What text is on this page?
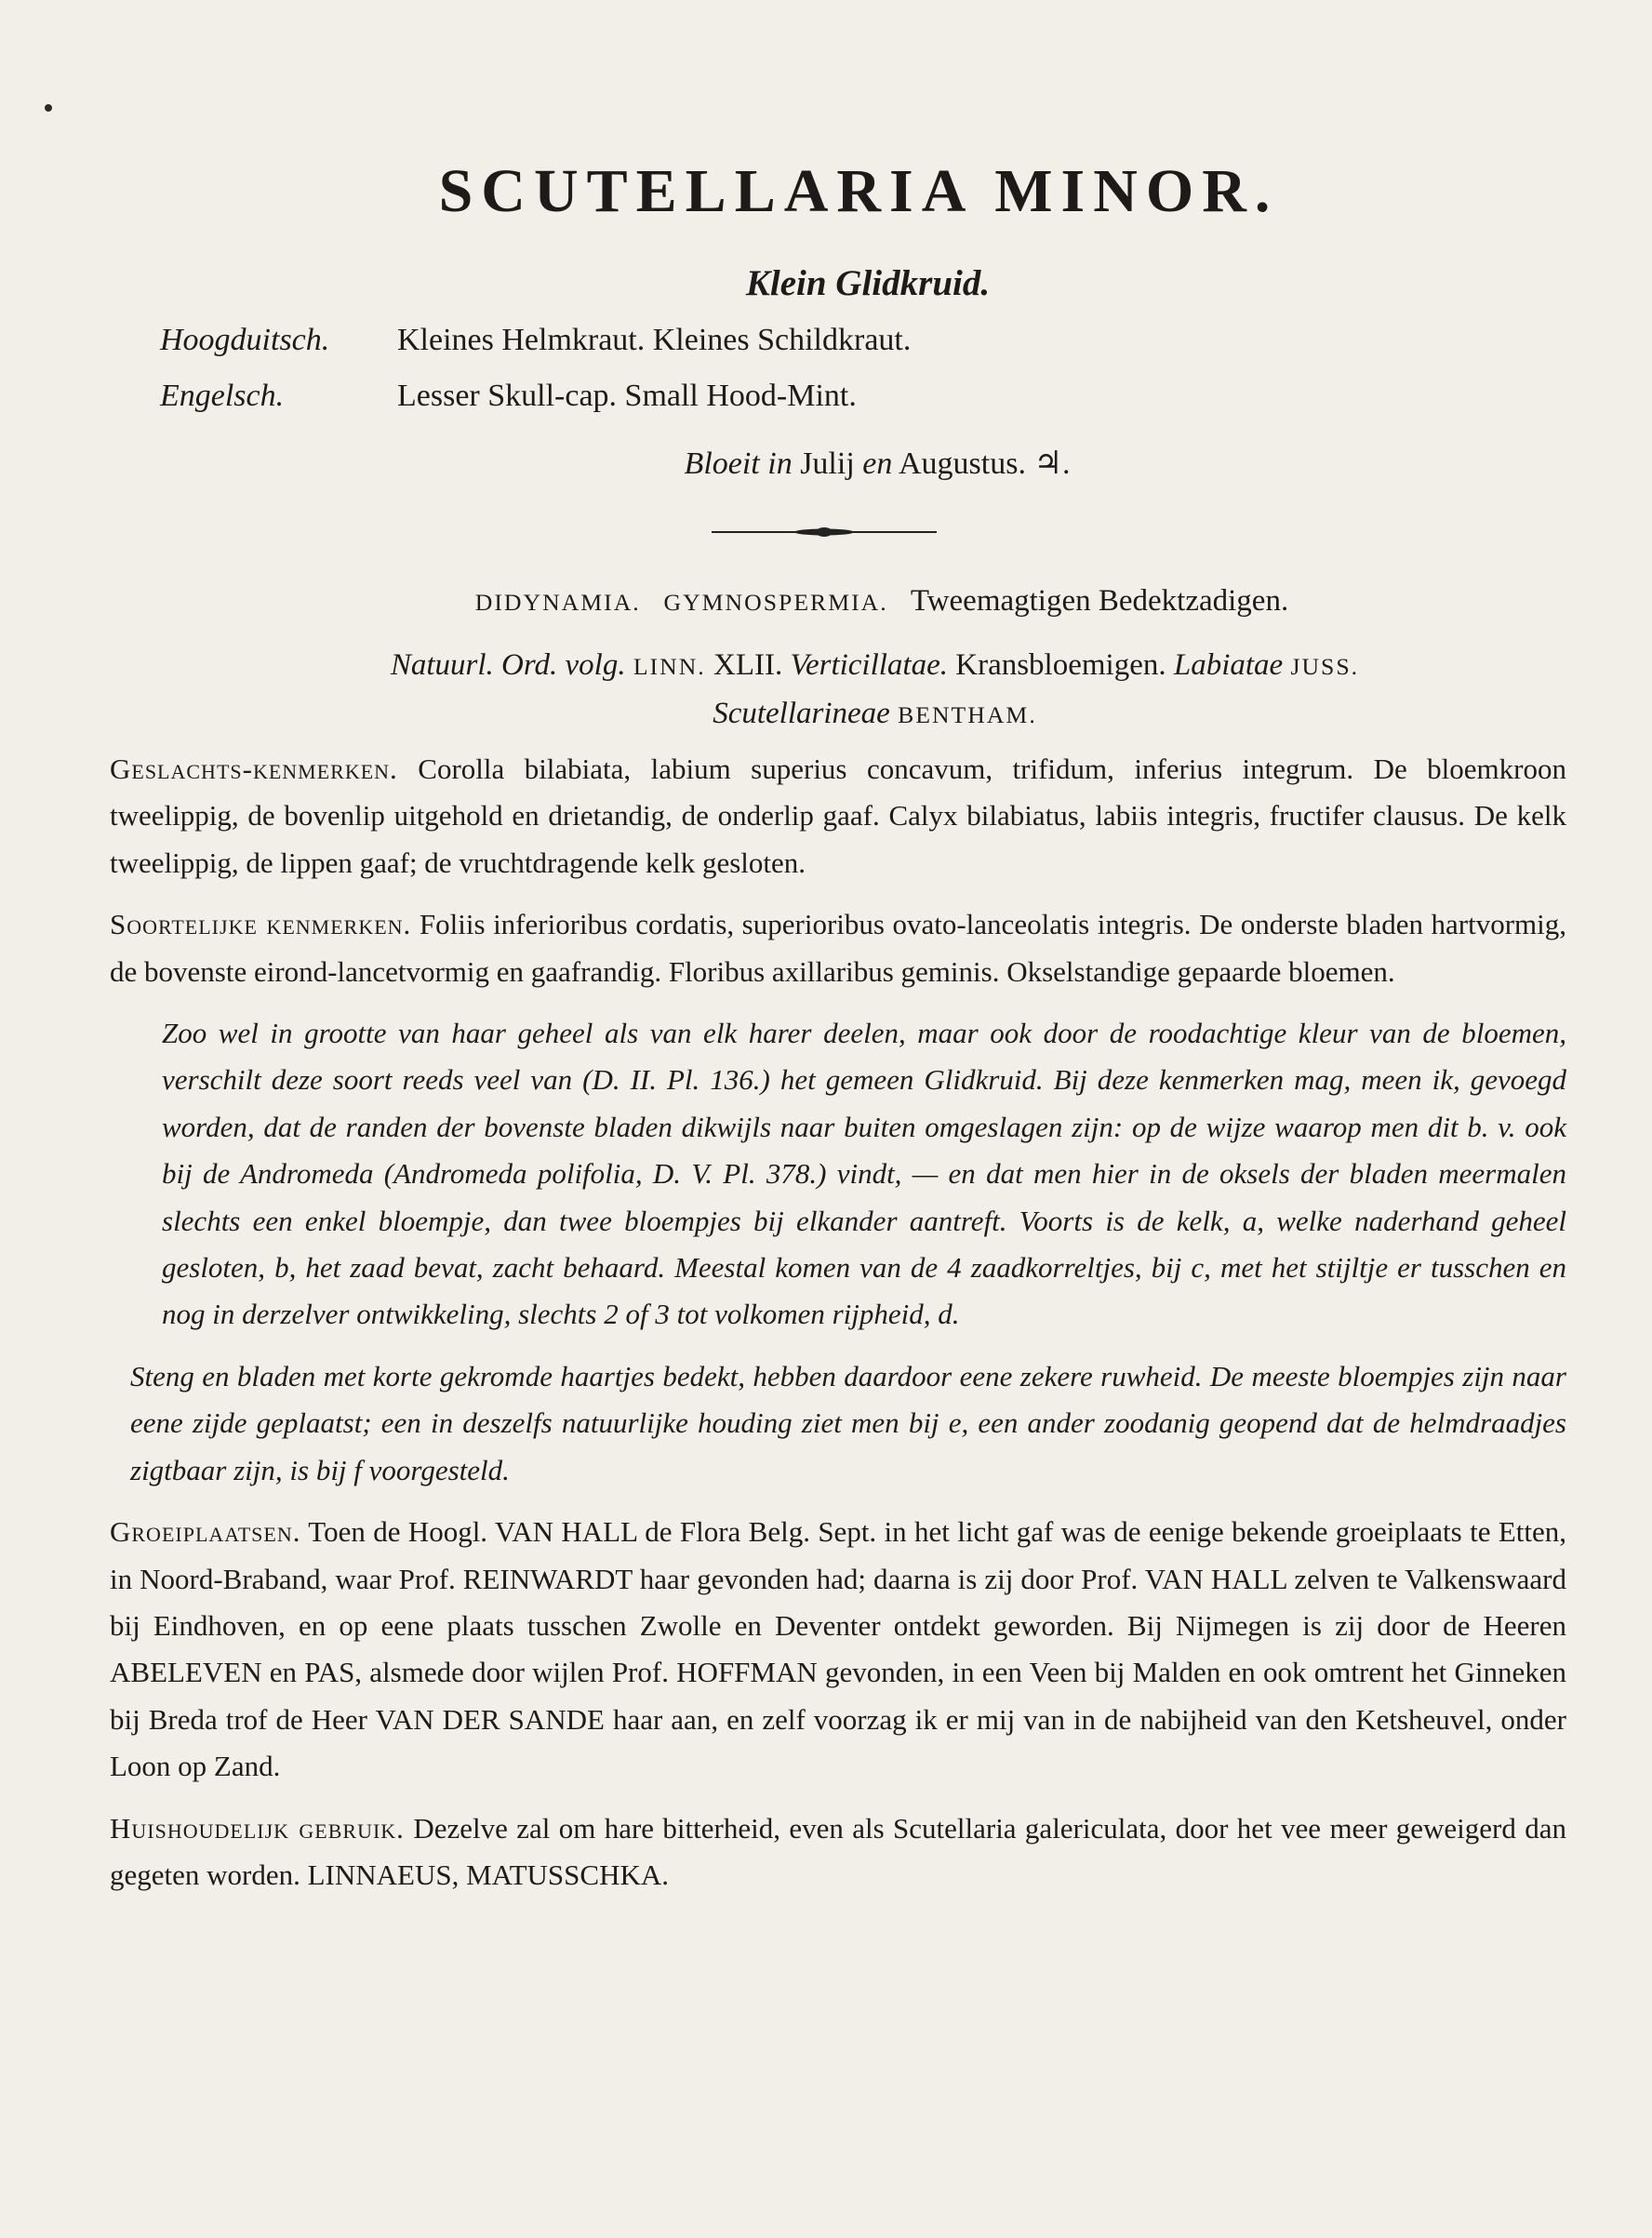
SCUTELLARIA MINOR.
Klein Glidkruid.
Hoogduitsch.	Kleines Helmkraut. Kleines Schildkraut.
Engelsch.	Lesser Skull-cap. Small Hood-Mint.
Bloeit in Julij en Augustus. ♃.
DIDYNAMIA. GYMNOSPERMIA. Tweemagtigen Bedektzadigen.
Natuurl. Ord. volg. LINN. XLII. Verticillatae. Kransbloemigen. Labiatae JUSS.
Scutellarineae BENTHAM.

Geslachts-kenmerken. Corolla bilabiata, labium superius concavum, trifidum, inferius integrum. De bloemkroon tweelippig, de bovenlip uitgehold en drietandig, de onderlip gaaf. Calyx bilabiatus, labiis integris, fructifer clausus. De kelk tweelippig, de lippen gaaf; de vruchtdragende kelk gesloten.

Soortelijke kenmerken. Foliis inferioribus cordatis, superioribus ovato-lanceolatis integris. De onderste bladen hartvormig, de bovenste eirond-lancetvormig en gaafrandig. Floribus axillaribus geminis. Okselstandige gepaarde bloemen.

Zoo wel in grootte van haar geheel als van elk harer deelen, maar ook door de roodachtige kleur van de bloemen, verschilt deze soort reeds veel van (D. II. Pl. 136.) het gemeen Glidkruid. Bij deze kenmerken mag, meen ik, gevoegd worden, dat de randen der bovenste bladen dikwijls naar buiten omgeslagen zijn: op de wijze waarop men dit b. v. ook bij de Andromeda (Andromeda polifolia, D. V. Pl. 378.) vindt, — en dat men hier in de oksels der bladen meermalen slechts een enkel bloempje, dan twee bloempjes bij elkander aantreft. Voorts is de kelk, a, welke naderhand geheel gesloten, b, het zaad bevat, zacht behaard. Meestal komen van de 4 zaadkorreltjes, bij c, met het stijltje er tusschen en nog in derzelver ontwikkeling, slechts 2 of 3 tot volkomen rijpheid, d.

Steng en bladen met korte gekromde haartjes bedekt, hebben daardoor eene zekere ruwheid. De meeste bloempjes zijn naar eene zijde geplaatst; een in deszelfs natuurlijke houding ziet men bij e, een ander zoodanig geopend dat de helmdraadjes zigtbaar zijn, is bij f voorgesteld.

Groeiplaatsen. Toen de Hoogl. VAN HALL de Flora Belg. Sept. in het licht gaf was de eenige bekende groeiplaats te Etten, in Noord-Braband, waar Prof. REINWARDT haar gevonden had; daarna is zij door Prof. VAN HALL zelven te Valkenswaard bij Eindhoven, en op eene plaats tusschen Zwolle en Deventer ontdekt geworden. Bij Nijmegen is zij door de Heeren ABELEVEN en PAS, alsmede door wijlen Prof. HOFFMAN gevonden, in een Veen bij Malden en ook omtrent het Ginneken bij Breda trof de Heer VAN DER SANDE haar aan, en zelf voorzag ik er mij van in de nabijheid van den Ketsheuvel, onder Loon op Zand.

Huishoudelijk gebruik. Dezelve zal om hare bitterheid, even als Scutellaria galericulata, door het vee meer geweigerd dan gegeten worden. LINNAEUS, MATUSSCHKA.
